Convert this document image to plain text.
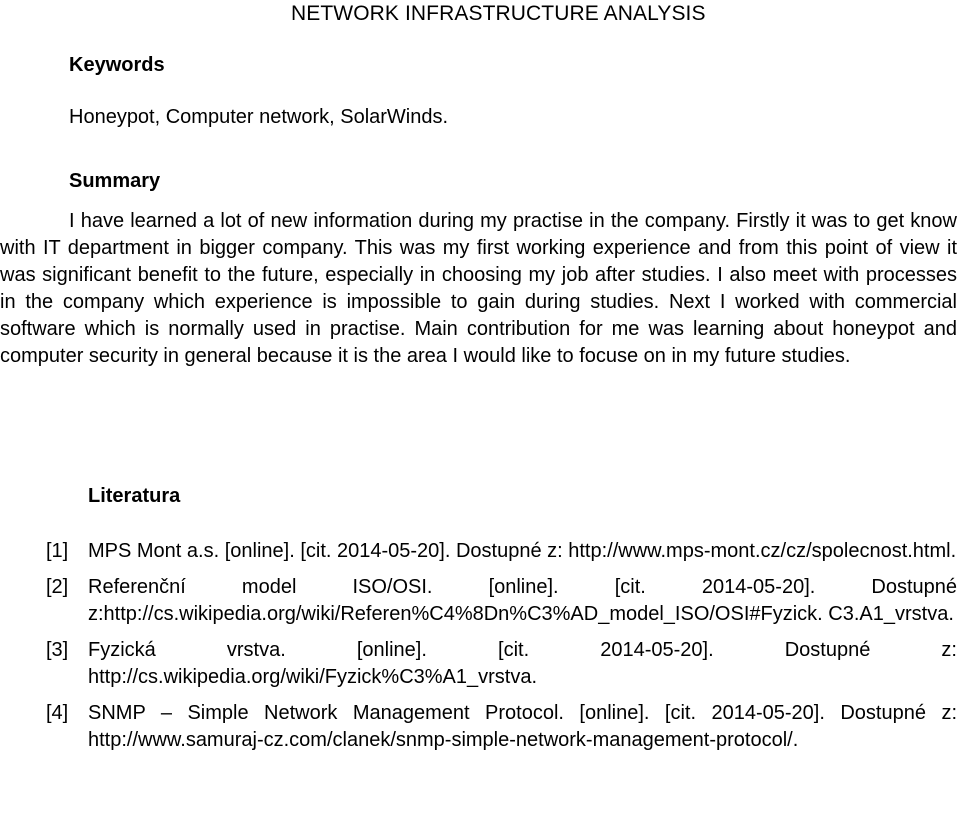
NETWORK INFRASTRUCTURE ANALYSIS
Keywords
Honeypot, Computer network, SolarWinds.
Summary

I have learned a lot of new information during my practise in the company. Firstly it was to get know with IT department in bigger company. This was my first working experience and from this point of view it was significant benefit to the future, especially in choosing my job after studies. I also meet with processes in the company which experience is impossible to gain during studies. Next I worked with commercial software which is normally used in practise. Main contribution for me was learning about honeypot and computer security in general because it is the area I would like to focuse on in my future studies.

Literatura
[1] MPS Mont a.s. [online]. [cit. 2014-05-20]. Dostupné z: http://www.mps-mont.cz/cz/spolecnost.html.
[2] Referenční model ISO/OSI. [online]. [cit. 2014-05-20]. Dostupné z:http://cs.wikipedia.org/wiki/Referen%C4%8Dn%C3%AD_model_ISO/OSI#Fyzick. C3.A1_vrstva.
[3] Fyzická vrstva. [online]. [cit. 2014-05-20]. Dostupné z: http://cs.wikipedia.org/wiki/Fyzick%C3%A1_vrstva.
[4] SNMP – Simple Network Management Protocol. [online]. [cit. 2014-05-20]. Dostupné z: http://www.samuraj-cz.com/clanek/snmp-simple-network-management-protocol/.
